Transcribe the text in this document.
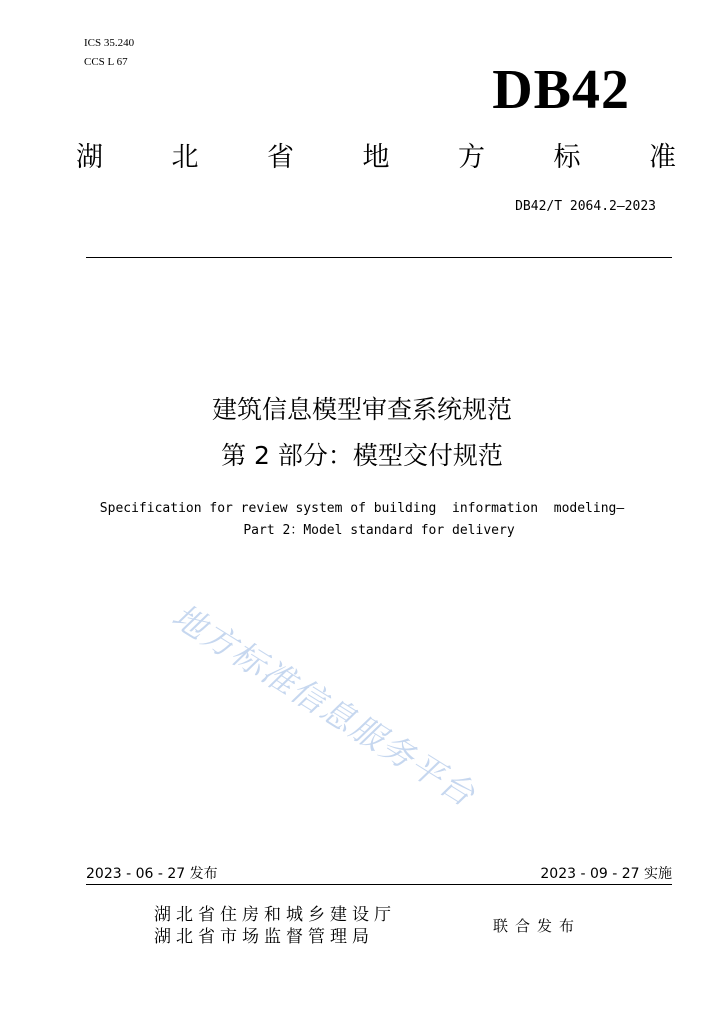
ICS 35.240
CCS L 67	DB42
湖	北	省	地	方	标	准
DB42/T 2064.2—2023
建筑信息模型审查系统规范
第 2 部分：模型交付规范
Specification for review system of building  information  modeling—
Part 2：Model standard for delivery
地方标准信息服务平台
2023 - 06 - 27 发布	2023 - 09 - 27 实施
湖北省住房和城乡建设厅
湖北省市场监督管理局
联合发布
